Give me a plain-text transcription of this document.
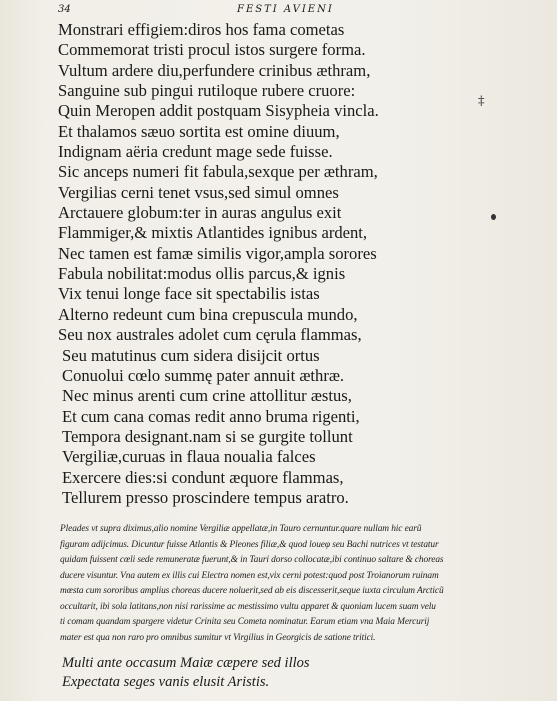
34	FESTI AVIENI
Monstrari effigiem:diros hos fama cometas
Commemorat tristi procul istos surgere forma.
Vultum ardere diu,perfundere crinibus æthram,
Sanguine sub pingui rutiloque rubere cruore:
Quin Meropen addit postquam Sisypheia vincla.
Et thalamos sæuo sortita est omine diuum,
Indignam aëria credunt mage sede fuisse.
Sic anceps numeri fit fabula,sexque per æthram,
Vergilias cerni tenet vsus,sed simul omnes
Arctauere globum:ter in auras angulus exit
Flammiger,& mixtis Atlantides ignibus ardent,
Nec tamen est famæ similis vigor,ampla sorores
Fabula nobilitat:modus ollis parcus,& ignis
Vix tenui longe face sit spectabilis istas
Alterno redeunt cum bina crepuscula mundo,
Seu nox australes adolet cum cęrula flammas,
Seu matutinus cum sidera disijcit ortus
Conuolui cœlo summę pater annuit æthræ.
Nec minus arenti cum crine attollitur æstus,
Et cum cana comas redit anno bruma rigenti,
Tempora designant.nam si se gurgite tollunt
Vergiliæ,curuas in flaua noualia falces
Exercere dies:si condunt æquore flammas,
Tellurem presso proscindere tempus aratro.
‡
Pleades vt supra diximus,alio nomine Vergiliæ appellatæ,in Tauro cernuntur.quare nullam hic earũ
figuram adijcimus. Dicuntur fuisse Atlantis & Pleones filiæ,& quod loueφ seu Bachi nutrices vt testatur
quidam fuissent cœli sede remuneratæ fuerunt,& in Tauri dorso collocatæ,ibi continuo saltare & choreas
ducere visuntur. Vna autem ex illis cui Electra nomen est,vix cerni potest:quod post Troianorum ruinam
mœsta cum sororibus amplius choreas ducere noluerit,sed ab eis discesserit,seque iuxta circulum Arcticũ
occultarit, ibi sola latitans,non nisi rarissime ac mestissimo vultu apparet & quoniam lucem suam velu
ti comam quandam spargere videtur Crinita seu Cometa nominatur. Earum etiam vna Maia Mercurij
mater est qua non raro pro omnibus sumitur vt Virgilius in Georgicis de satione tritici.
Multi ante occasum Maiæ cæpere sed illos
Expectata seges vanis elusit Aristis.
